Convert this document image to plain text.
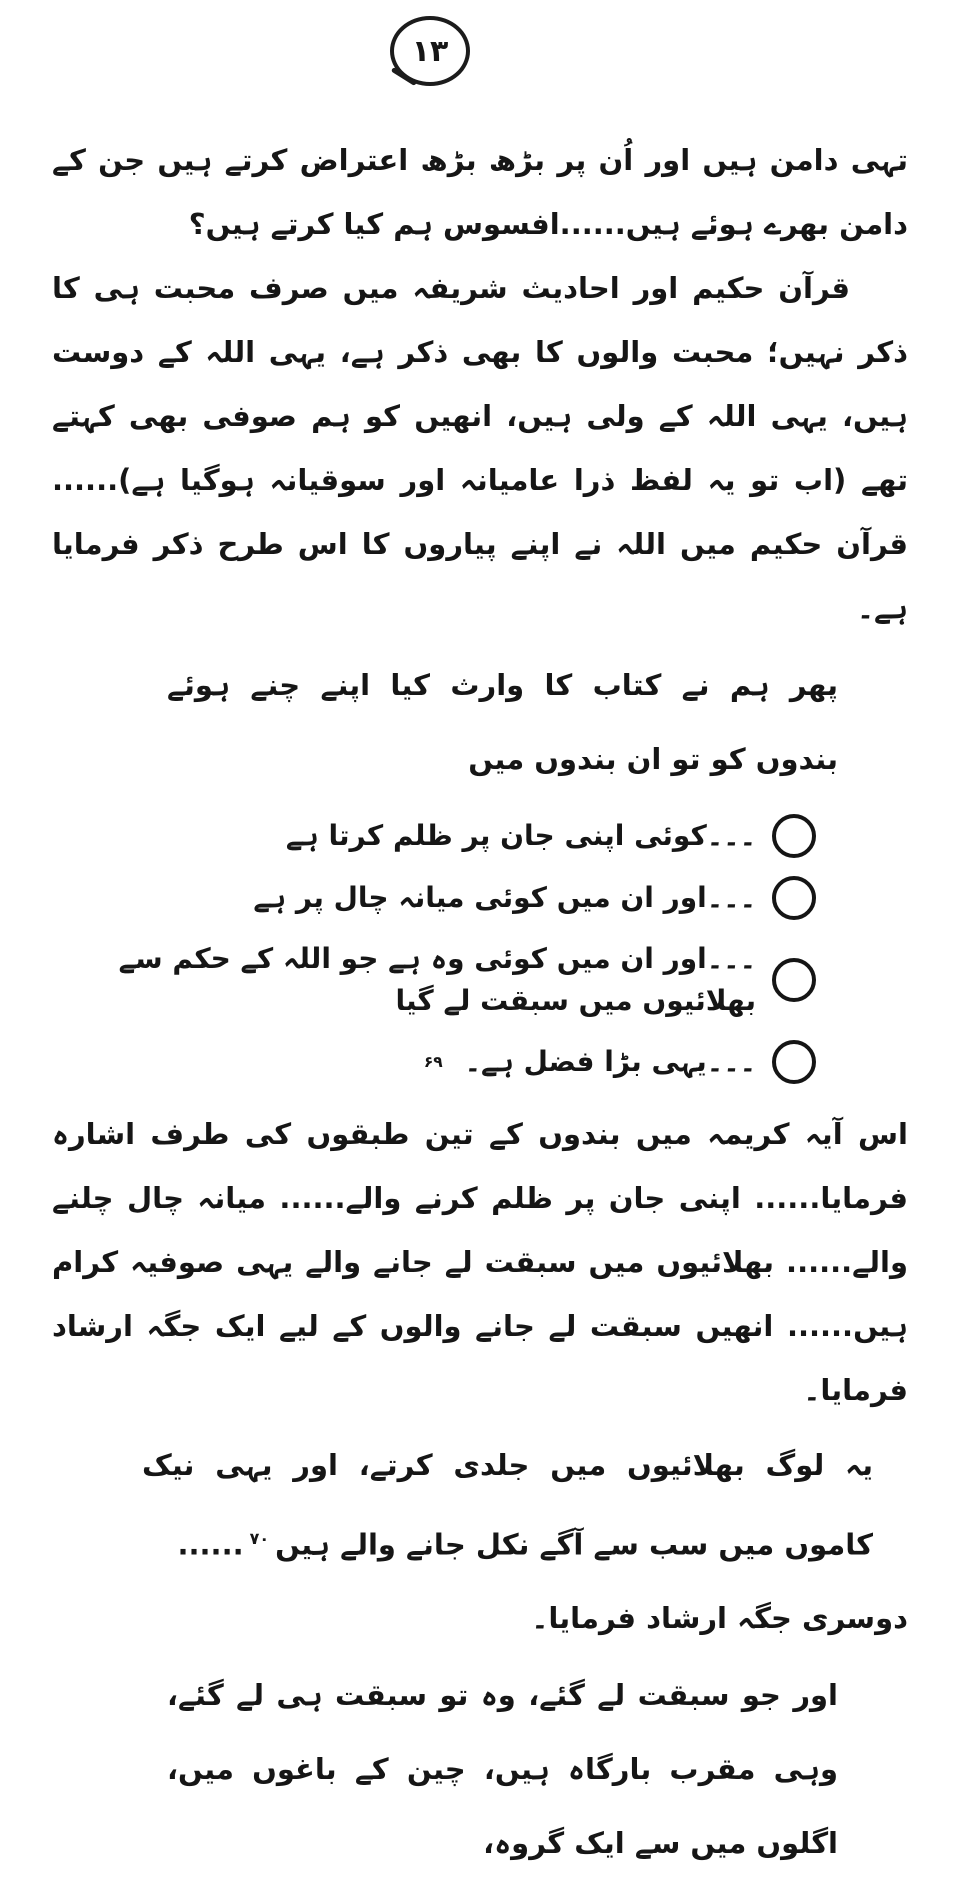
۱۳

تہی دامن ہیں اور اُن پر بڑھ بڑھ اعتراض کرتے ہیں جن کے دامن بھرے ہوئے ہیں......افسوس ہم کیا کرتے ہیں؟

قرآن حکیم اور احادیث شریفہ میں صرف محبت ہی کا ذکر نہیں؛ محبت والوں کا بھی ذکر ہے، یہی اللہ کے دوست ہیں، یہی اللہ کے ولی ہیں، انھیں کو ہم صوفی بھی کہتے تھے (اب تو یہ لفظ ذرا عامیانہ اور سوقیانہ ہوگیا ہے)...... قرآن حکیم میں اللہ نے اپنے پیاروں کا اس طرح ذکر فرمایا ہے۔

پھر ہم نے کتاب کا وارث کیا اپنے چنے ہوئے بندوں کو تو ان بندوں میں
۔۔۔کوئی اپنی جان پر ظلم کرتا ہے
۔۔۔اور ان میں کوئی میانہ چال پر ہے
۔۔۔اور ان میں کوئی وہ ہے جو اللہ کے حکم سے بھلائیوں میں سبقت لے گیا
۔۔۔یہی بڑا فضل ہے۔
۶۹

اس آیہ کریمہ میں بندوں کے تین طبقوں کی طرف اشارہ فرمایا...... اپنی جان پر ظلم کرنے والے...... میانہ چال چلنے والے...... بھلائیوں میں سبقت لے جانے والے یہی صوفیہ کرام ہیں...... انھیں سبقت لے جانے والوں کے لیے ایک جگہ ارشاد فرمایا۔

یہ لوگ بھلائیوں میں جلدی کرتے، اور یہی نیک کاموں میں سب سے آگے نکل جانے والے ہیں$^{۷۰}$......

دوسری جگہ ارشاد فرمایا۔

اور جو سبقت لے گئے، وہ تو سبقت ہی لے گئے، وہی مقرب بارگاہ ہیں، چین کے باغوں میں، اگلوں میں سے ایک گروہ،
